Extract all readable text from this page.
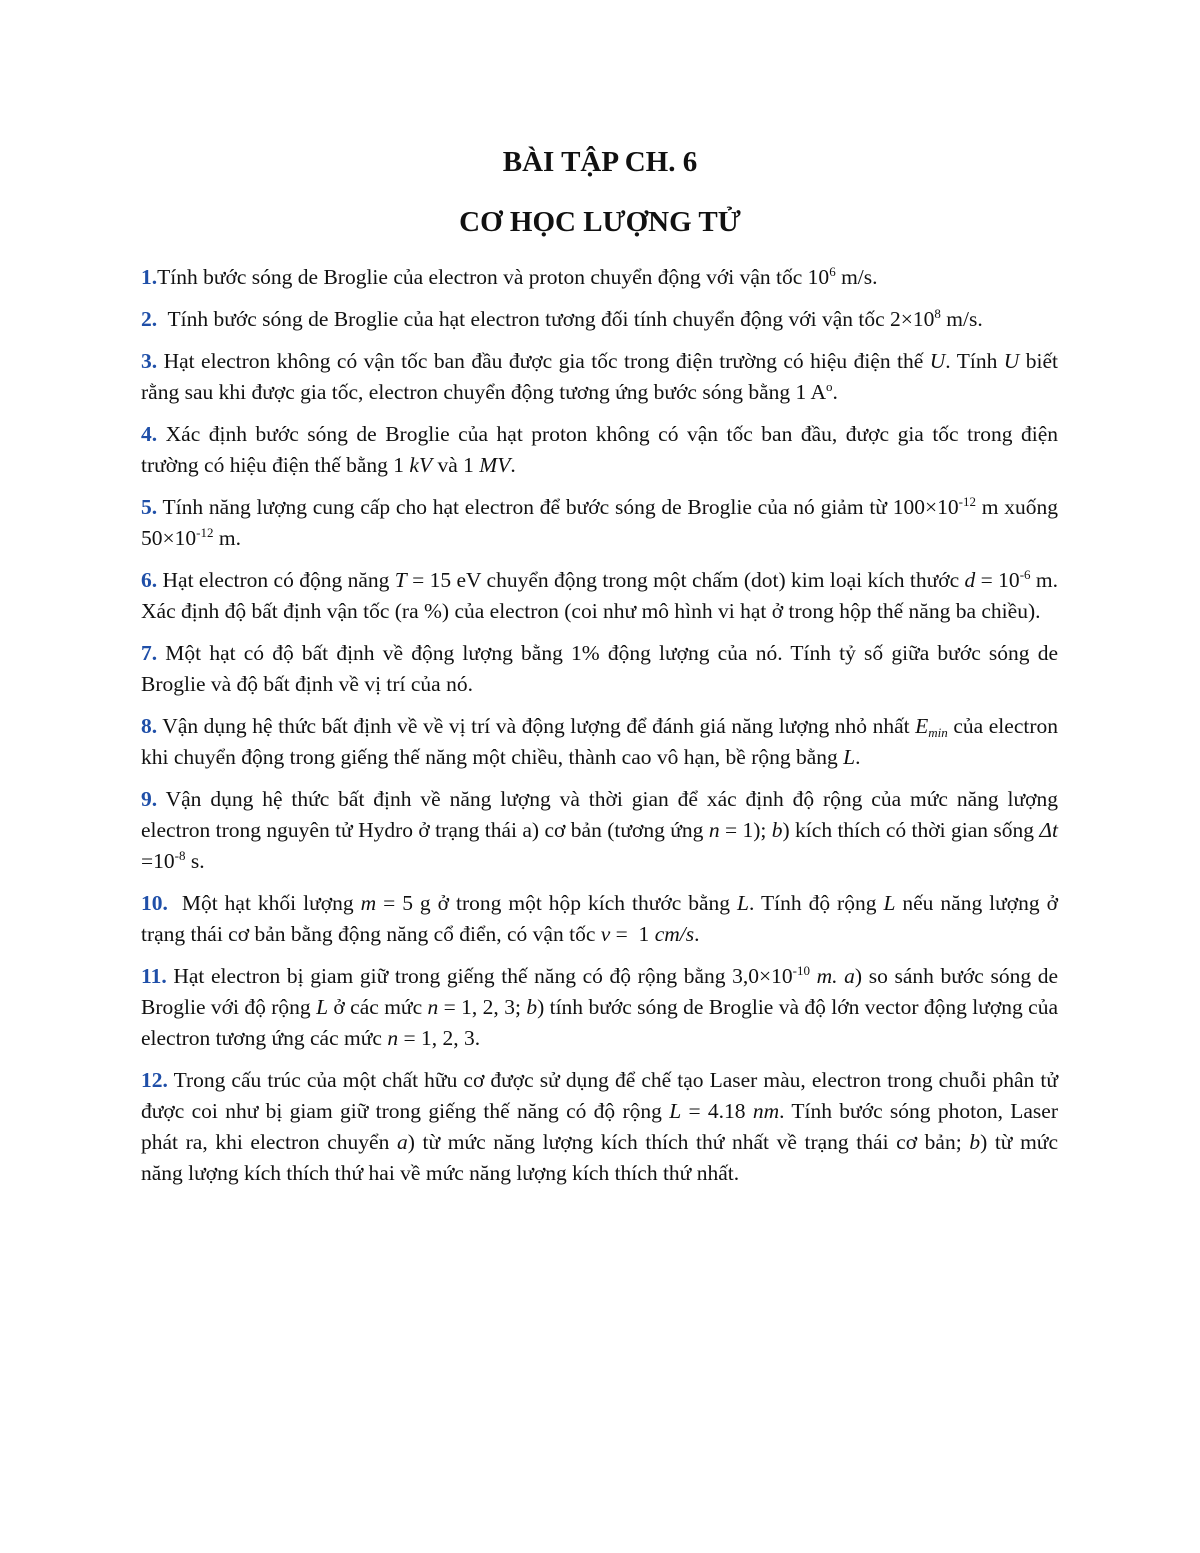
BÀI TẬP CH. 6
CƠ HỌC LƯỢNG TỬ

1.Tính bước sóng de Broglie của electron và proton chuyển động với vận tốc $10^6$ m/s.

2.  Tính bước sóng de Broglie của hạt electron tương đối tính chuyển động với vận tốc $2\times 10^8$ m/s.

3. Hạt electron không có vận tốc ban đầu được gia tốc trong điện trường có hiệu điện thế U. Tính U biết rằng sau khi được gia tốc, electron chuyển động tương ứng bước sóng bằng 1 $A^o$.

4. Xác định bước sóng de Broglie của hạt proton không có vận tốc ban đầu, được gia tốc trong điện trường có hiệu điện thế bằng 1 kV và 1 MV.

5. Tính năng lượng cung cấp cho hạt electron để bước sóng de Broglie của nó giảm từ $100\times 10^{-12}$ m xuống $50\times 10^{-12}$ m.

6. Hạt electron có động năng T = 15 eV chuyển động trong một chấm (dot) kim loại kích thước $d = 10^{-6}$ m. Xác định độ bất định vận tốc (ra %) của electron (coi như mô hình vi hạt ở trong hộp thế năng ba chiều).

7. Một hạt có độ bất định về động lượng bằng 1% động lượng của nó. Tính tỷ số giữa bước sóng de Broglie và độ bất định về vị trí của nó.

8. Vận dụng hệ thức bất định về về vị trí và động lượng để đánh giá năng lượng nhỏ nhất $E_{min}$ của electron khi chuyển động trong giếng thế năng một chiều, thành cao vô hạn, bề rộng bằng L.

9. Vận dụng hệ thức bất định về năng lượng và thời gian để xác định độ rộng của mức năng lượng electron trong nguyên tử Hydro ở trạng thái a) cơ bản (tương ứng n = 1); b) kích thích có thời gian sống $\Delta t =10^{-8}$ s.

10.  Một hạt khối lượng m = 5 g ở trong một hộp kích thước bằng L. Tính độ rộng L nếu năng lượng ở trạng thái cơ bản bằng động năng cổ điển, có vận tốc v =  1 cm/s.

11. Hạt electron bị giam giữ trong giếng thế năng có độ rộng bằng $3,0\times 10^{-10}$ m. a) so sánh bước sóng de Broglie với độ rộng L ở các mức n = 1, 2, 3; b) tính bước sóng de Broglie và độ lớn vector động lượng của electron tương ứng các mức n = 1, 2, 3.

12. Trong cấu trúc của một chất hữu cơ được sử dụng để chế tạo Laser màu, electron trong chuỗi phân tử được coi như bị giam giữ trong giếng thế năng có độ rộng L = 4.18 nm. Tính bước sóng photon, Laser phát ra, khi electron chuyển a) từ mức năng lượng kích thích thứ nhất về trạng thái cơ bản; b) từ mức năng lượng kích thích thứ hai về mức năng lượng kích thích thứ nhất.
